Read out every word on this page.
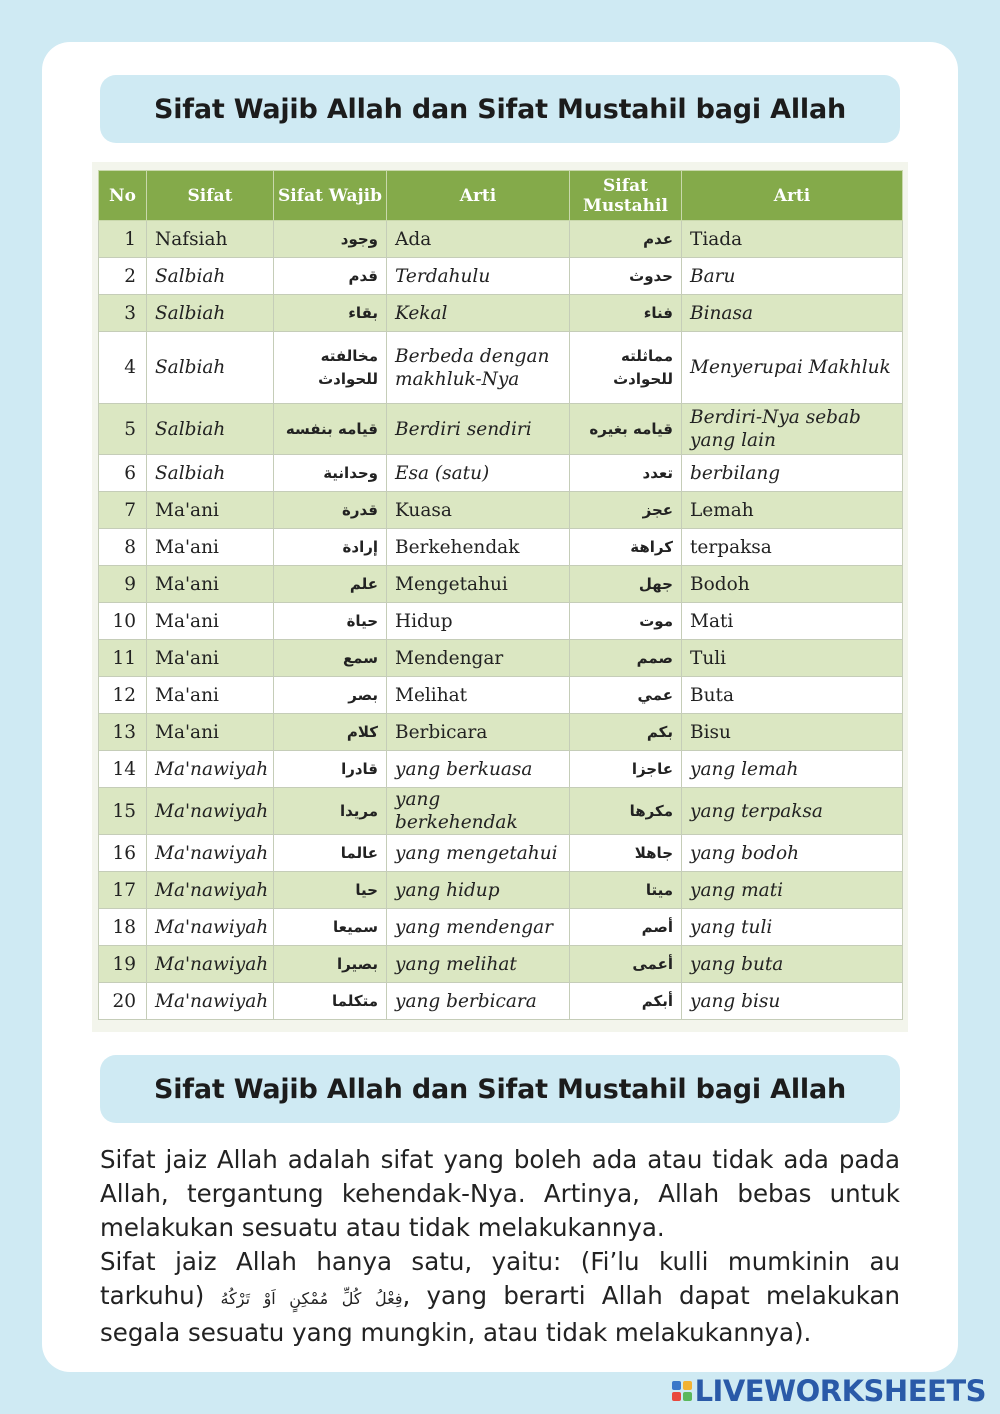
Sifat Wajib Allah dan Sifat Mustahil bagi Allah
No	Sifat	Sifat Wajib	Arti	Sifat Mustahil	Arti
1	Nafsiah	وجود	Ada	عدم	Tiada
2	Salbiah	قدم	Terdahulu	حدوث	Baru
3	Salbiah	بقاء	Kekal	فناء	Binasa
4	Salbiah	مخالفته للحوادث	Berbeda dengan makhluk-Nya	مماثلته للحوادث	Menyerupai Makhluk
5	Salbiah	قيامه بنفسه	Berdiri sendiri	قيامه بغيره	Berdiri-Nya sebab yang lain
6	Salbiah	وحدانية	Esa (satu)	تعدد	berbilang
7	Ma'ani	قدرة	Kuasa	عجز	Lemah
8	Ma'ani	إرادة	Berkehendak	كراهة	terpaksa
9	Ma'ani	علم	Mengetahui	جهل	Bodoh
10	Ma'ani	حياة	Hidup	موت	Mati
11	Ma'ani	سمع	Mendengar	صمم	Tuli
12	Ma'ani	بصر	Melihat	عمي	Buta
13	Ma'ani	كلام	Berbicara	بكم	Bisu
14	Ma'nawiyah	قادرا	yang berkuasa	عاجزا	yang lemah
15	Ma'nawiyah	مريدا	yang berkehendak	مكرها	yang terpaksa
16	Ma'nawiyah	عالما	yang mengetahui	جاهلا	yang bodoh
17	Ma'nawiyah	حيا	yang hidup	ميتا	yang mati
18	Ma'nawiyah	سميعا	yang mendengar	أصم	yang tuli
19	Ma'nawiyah	بصيرا	yang melihat	أعمى	yang buta
20	Ma'nawiyah	متكلما	yang berbicara	أبكم	yang bisu
Sifat Wajib Allah dan Sifat Mustahil bagi Allah

Sifat jaiz Allah adalah sifat yang boleh ada atau tidak ada pada Allah, tergantung kehendak-Nya. Artinya, Allah bebas untuk melakukan sesuatu atau tidak melakukannya.

Sifat jaiz Allah hanya satu, yaitu: (Fi’lu kulli mumkinin au tarkuhu) فِعْلُ كُلِّ مُمْكِنٍ اَوْ تَرْكُهُ, yang berarti Allah dapat melakukan segala sesuatu yang mungkin, atau tidak melakukannya).

LIVEWORKSHEETS
